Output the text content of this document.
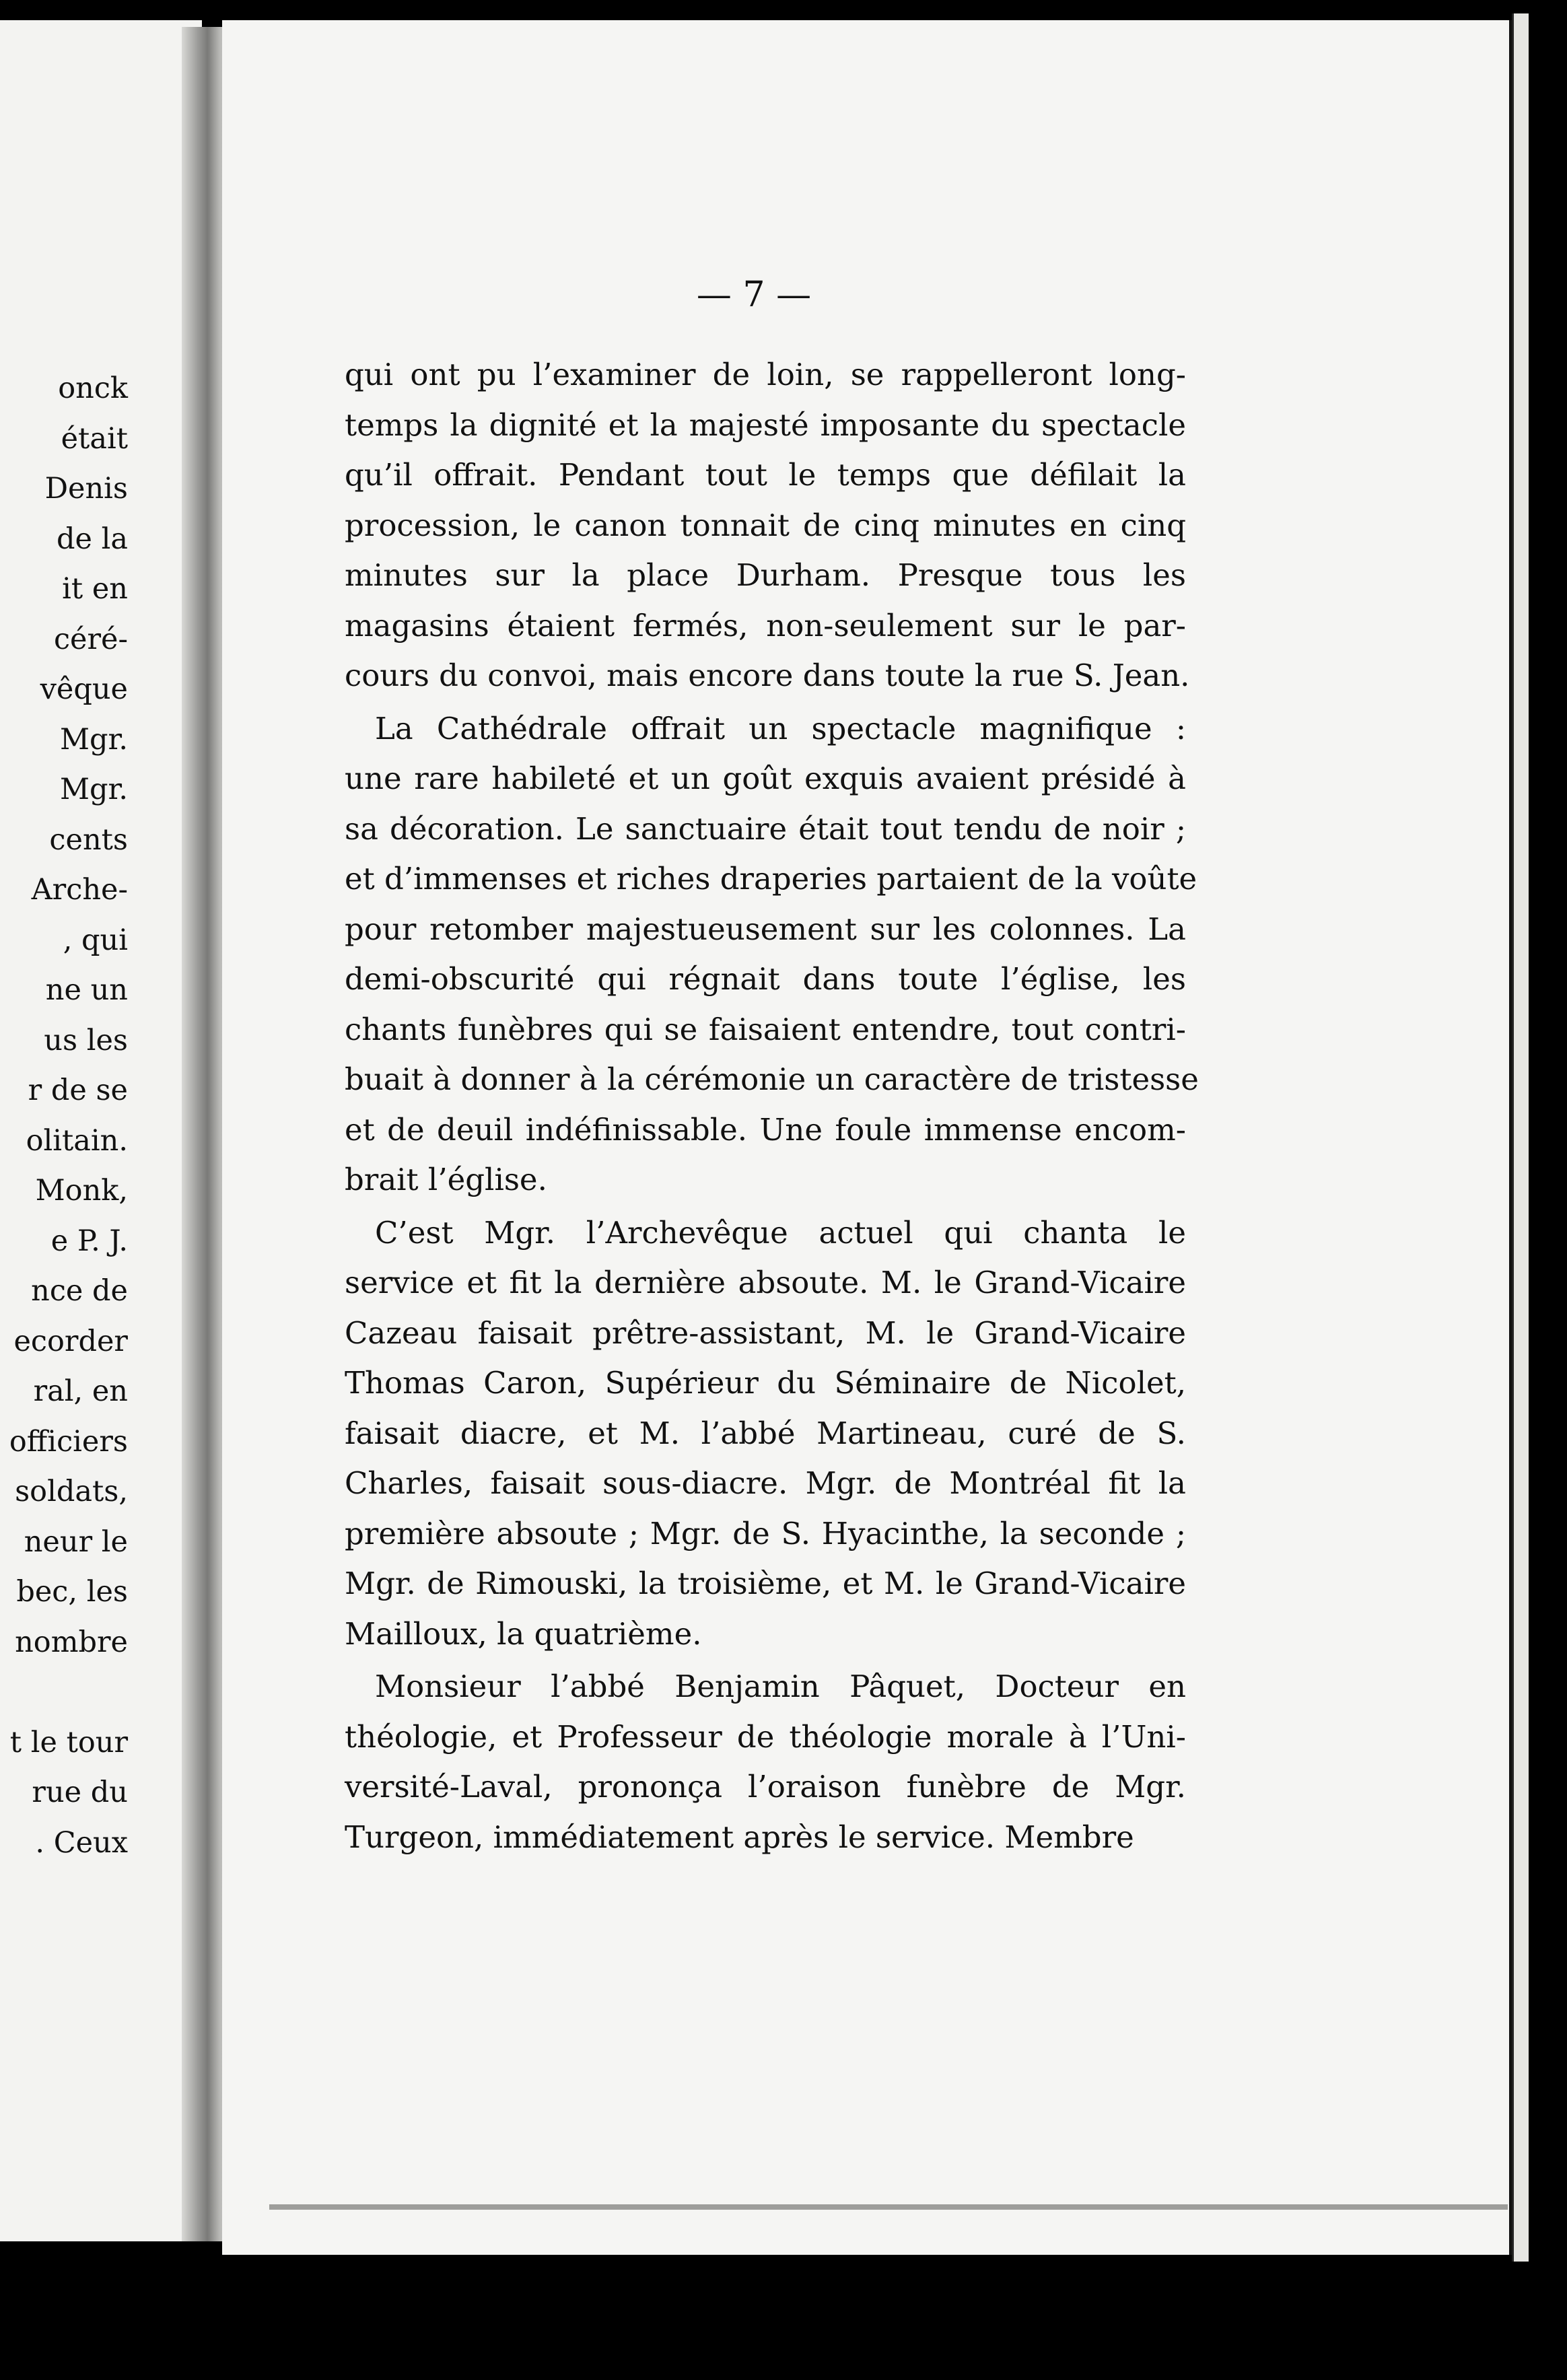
onck
était
Denis
de la
it en
céré-
vêque
Mgr.
Mgr.
cents
Arche-
, qui
ne un
us les
r de se
olitain.
Monk,
e P. J.
nce de
ecorder
ral, en
officiers
soldats,
neur le
bec, les
nombre
t le tour
rue du
. Ceux
— 7 —
qui ont pu l’examiner de loin, se rappelleront long-
temps la dignité et la majesté imposante du spectacle
qu’il offrait. Pendant tout le temps que défilait la
procession, le canon tonnait de cinq minutes en cinq
minutes sur la place Durham. Presque tous les
magasins étaient fermés, non-seulement sur le par-
cours du convoi, mais encore dans toute la rue S. Jean.
La Cathédrale offrait un spectacle magnifique :
une rare habileté et un goût exquis avaient présidé à
sa décoration. Le sanctuaire était tout tendu de noir ;
et d’immenses et riches draperies partaient de la voûte
pour retomber majestueusement sur les colonnes. La
demi-obscurité qui régnait dans toute l’église, les
chants funèbres qui se faisaient entendre, tout contri-
buait à donner à la cérémonie un caractère de tristesse
et de deuil indéfinissable. Une foule immense encom-
brait l’église.
C’est Mgr. l’Archevêque actuel qui chanta le
service et fit la dernière absoute. M. le Grand-Vicaire
Cazeau faisait prêtre-assistant, M. le Grand-Vicaire
Thomas Caron, Supérieur du Séminaire de Nicolet,
faisait diacre, et M. l’abbé Martineau, curé de S.
Charles, faisait sous-diacre. Mgr. de Montréal fit la
première absoute ; Mgr. de S. Hyacinthe, la seconde ;
Mgr. de Rimouski, la troisième, et M. le Grand-Vicaire
Mailloux, la quatrième.
Monsieur l’abbé Benjamin Pâquet, Docteur en
théologie, et Professeur de théologie morale à l’Uni-
versité-Laval, prononça l’oraison funèbre de Mgr.
Turgeon, immédiatement après le service. Membre
